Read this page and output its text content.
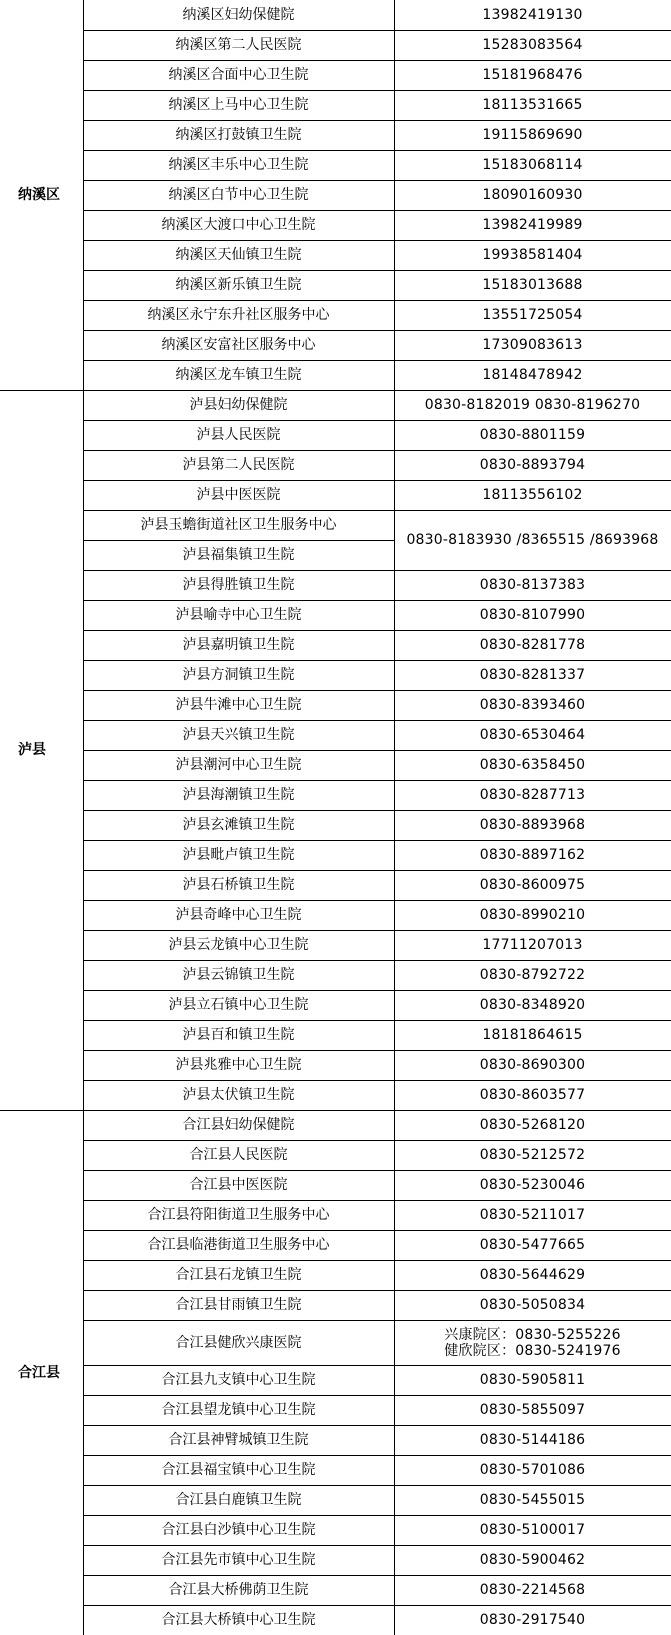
纳溪区	纳溪区妇幼保健院	13982419130
	纳溪区第二人民医院	15283083564
	纳溪区合面中心卫生院	15181968476
	纳溪区上马中心卫生院	18113531665
	纳溪区打鼓镇卫生院	19115869690
	纳溪区丰乐中心卫生院	15183068114
	纳溪区白节中心卫生院	18090160930
	纳溪区大渡口中心卫生院	13982419989
	纳溪区天仙镇卫生院	19938581404
	纳溪区新乐镇卫生院	15183013688
	纳溪区永宁东升社区服务中心	13551725054
	纳溪区安富社区服务中心	17309083613
	纳溪区龙车镇卫生院	18148478942
泸县	泸县妇幼保健院	0830-8182019 0830-8196270
	泸县人民医院	0830-8801159
	泸县第二人民医院	0830-8893794
	泸县中医医院	18113556102
	泸县玉蟾街道社区卫生服务中心	0830-8183930 /8365515 /8693968
	泸县福集镇卫生院	
	泸县得胜镇卫生院	0830-8137383
	泸县喻寺中心卫生院	0830-8107990
	泸县嘉明镇卫生院	0830-8281778
	泸县方洞镇卫生院	0830-8281337
	泸县牛滩中心卫生院	0830-8393460
	泸县天兴镇卫生院	0830-6530464
	泸县潮河中心卫生院	0830-6358450
	泸县海潮镇卫生院	0830-8287713
	泸县玄滩镇卫生院	0830-8893968
	泸县毗卢镇卫生院	0830-8897162
	泸县石桥镇卫生院	0830-8600975
	泸县奇峰中心卫生院	0830-8990210
	泸县云龙镇中心卫生院	17711207013
	泸县云锦镇卫生院	0830-8792722
	泸县立石镇中心卫生院	0830-8348920
	泸县百和镇卫生院	18181864615
	泸县兆雅中心卫生院	0830-8690300
	泸县太伏镇卫生院	0830-8603577
合江县	合江县妇幼保健院	0830-5268120
	合江县人民医院	0830-5212572
	合江县中医医院	0830-5230046
	合江县符阳街道卫生服务中心	0830-5211017
	合江县临港街道卫生服务中心	0830-5477665
	合江县石龙镇卫生院	0830-5644629
	合江县甘雨镇卫生院	0830-5050834
	合江县健欣兴康医院	兴康院区：0830-5255226
健欣院区：0830-5241976

	合江县九支镇中心卫生院	0830-5905811
	合江县望龙镇中心卫生院	0830-5855097
	合江县神臂城镇卫生院	0830-5144186
	合江县福宝镇中心卫生院	0830-5701086
	合江县白鹿镇卫生院	0830-5455015
	合江县白沙镇中心卫生院	0830-5100017
	合江县先市镇中心卫生院	0830-5900462
	合江县大桥佛荫卫生院	0830-2214568
	合江县大桥镇中心卫生院	0830-2917540
